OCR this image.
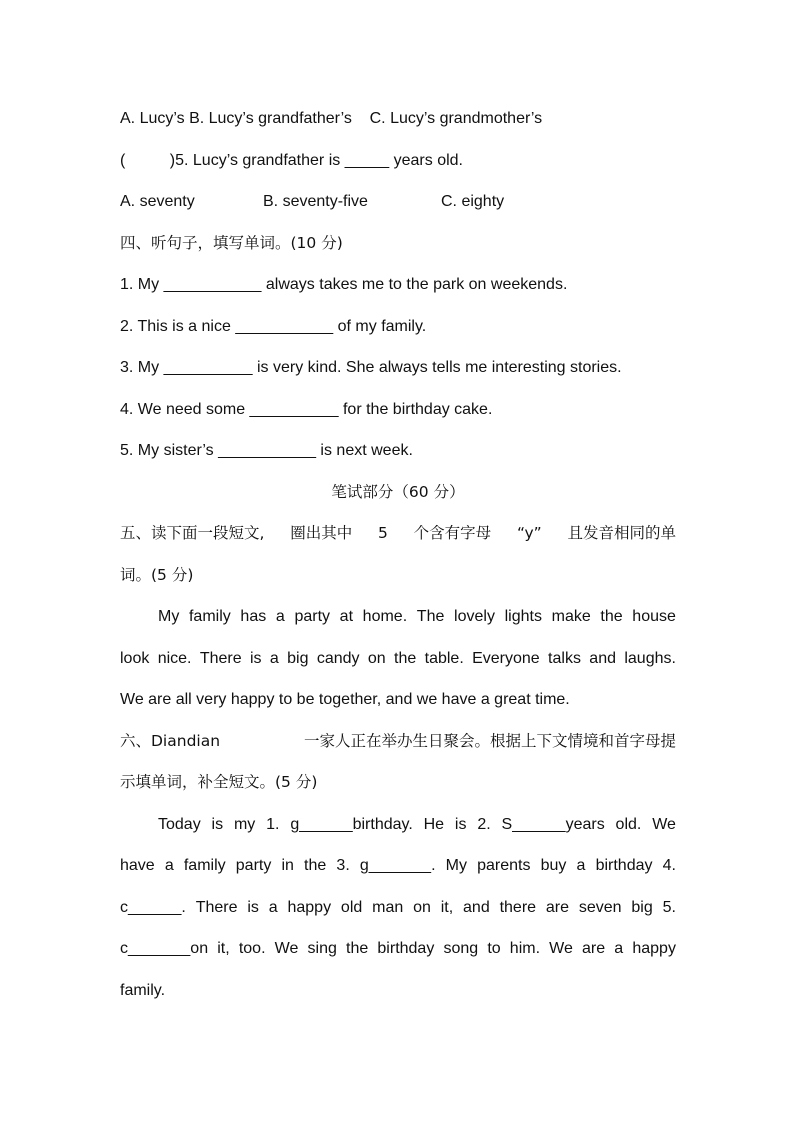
A. Lucy’s B. Lucy’s grandfather’s    C. Lucy’s grandmother’s
(          )5. Lucy’s grandfather is _____ years old.
A. seventy	B. seventy-five	C. eighty
四、听句子，填写单词。(10 分)
1. My ___________ always takes me to the park on weekends.
2. This is a nice ___________ of my family.
3. My __________ is very kind. She always tells me interesting stories.
4. We need some __________ for the birthday cake.
5. My sister’s ___________ is next week.
笔试部分（60 分）
五、读下面一段短文, 圈出其中 5 个含有字母 “y” 且发音相同的单
词。(5 分)
My family has a party at home. The lovely lights make the house
look nice. There is a big candy on the table. Everyone talks and laughs.
We are all very happy to be together, and we have a great time.
六、Diandian	一家人正在举办生日聚会。根据上下文情境和首字母提
示填单词，补全短文。(5 分)
Today is my 1. g______birthday. He is 2. S______years old. We
have a family party in the 3. g_______. My parents buy a birthday 4.
c______. There is a happy old man on it, and there are seven big 5.
c_______on it, too. We sing the birthday song to him. We are a happy
family.
